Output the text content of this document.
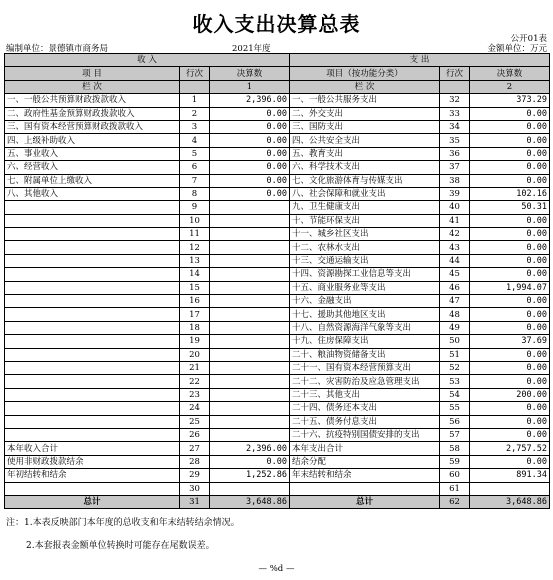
收入支出决算总表
公开01表
编制单位：景德镇市商务局	2021年度	金额单位：万元
收 入			支 出		
项 目	行次	决算数	项目（按功能分类）	行次	决算数
栏 次		1	栏 次		2
一、一般公共预算财政拨款收入	1	2,396.00	一、一般公共服务支出	32	373.29
二、政府性基金预算财政拨款收入	2	0.00	二、外交支出	33	0.00
三、国有资本经营预算财政拨款收入	3	0.00	三、国防支出	34	0.00
四、上级补助收入	4	0.00	四、公共安全支出	35	0.00
五、事业收入	5	0.00	五、教育支出	36	0.00
六、经营收入	6	0.00	六、科学技术支出	37	0.00
七、附属单位上缴收入	7	0.00	七、文化旅游体育与传媒支出	38	0.00
八、其他收入	8	0.00	八、社会保障和就业支出	39	102.16
	9		九、卫生健康支出	40	50.31
	10		十、节能环保支出	41	0.00
	11		十一、城乡社区支出	42	0.00
	12		十二、农林水支出	43	0.00
	13		十三、交通运输支出	44	0.00
	14		十四、资源勘探工业信息等支出	45	0.00
	15		十五、商业服务业等支出	46	1,994.07
	16		十六、金融支出	47	0.00
	17		十七、援助其他地区支出	48	0.00
	18		十八、自然资源海洋气象等支出	49	0.00
	19		十九、住房保障支出	50	37.69
	20		二十、粮油物资储备支出	51	0.00
	21		二十一、国有资本经营预算支出	52	0.00
	22		二十二、灾害防治及应急管理支出	53	0.00
	23		二十三、其他支出	54	200.00
	24		二十四、债务还本支出	55	0.00
	25		二十五、债务付息支出	56	0.00
	26		二十六、抗疫特别国债安排的支出	57	0.00
本年收入合计	27	2,396.00	本年支出合计	58	2,757.52
使用非财政拨款结余	28	0.00	结余分配	59	0.00
年初结转和结余	29	1,252.86	年末结转和结余	60	891.34
	30			61	
总计	31	3,648.86	总计	62	3,648.86
注：1.本表反映部门本年度的总收支和年末结转结余情况。
2.本套报表金额单位转换时可能存在尾数误差。
— %d —
